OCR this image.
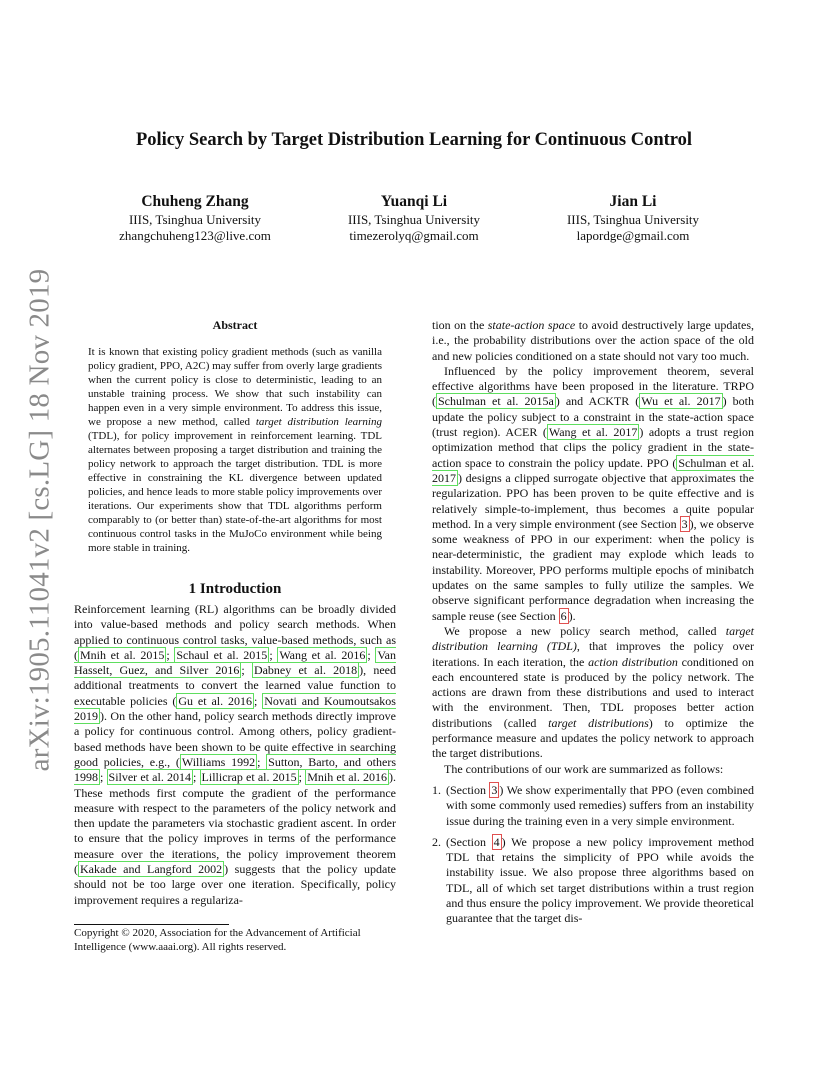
arXiv:1905.11041v2 [cs.LG] 18 Nov 2019
Policy Search by Target Distribution Learning for Continuous Control
Chuheng Zhang
IIIS, Tsinghua University
zhangchuheng123@live.com
Yuanqi Li
IIIS, Tsinghua University
timezerolyq@gmail.com
Jian Li
IIIS, Tsinghua University
lapordge@gmail.com
Abstract
It is known that existing policy gradient methods (such as vanilla policy gradient, PPO, A2C) may suffer from overly large gradients when the current policy is close to deterministic, leading to an unstable training process. We show that such instability can happen even in a very simple environment. To address this issue, we propose a new method, called target distribution learning (TDL), for policy improvement in reinforcement learning. TDL alternates between proposing a target distribution and training the policy network to approach the target distribution. TDL is more effective in constraining the KL divergence between updated policies, and hence leads to more stable policy improvements over iterations. Our experiments show that TDL algorithms perform comparably to (or better than) state-of-the-art algorithms for most continuous control tasks in the MuJoCo environment while being more stable in training.
1 Introduction

Reinforcement learning (RL) algorithms can be broadly divided into value-based methods and policy search methods. When applied to continuous control tasks, value-based methods, such as ( Mnih et al. 2015 ; Schaul et al. 2015 ; Wang et al. 2016 ; Van Hasselt, Guez, and Silver 2016 ; Dabney et al. 2018 ), need additional treatments to convert the learned value function to executable policies ( Gu et al. 2016 ; Novati and Koumoutsakos 2019 ). On the other hand, policy search methods directly improve a policy for continuous control. Among others, policy gradient-based methods have been shown to be quite effective in searching good policies, e.g., ( Williams 1992 ; Sutton, Barto, and others 1998 ; Silver et al. 2014 ; Lillicrap et al. 2015 ; Mnih et al. 2016 ). These methods first compute the gradient of the performance measure with respect to the parameters of the policy network and then update the parameters via stochastic gradient ascent. In order to ensure that the policy improves in terms of the performance measure over the iterations, the policy improvement theorem ( Kakade and Langford 2002 ) suggests that the policy update should not be too large over one iteration. Specifically, policy improvement requires a regulariza-

Copyright © 2020, Association for the Advancement of Artificial Intelligence (www.aaai.org). All rights reserved.

tion on the state-action space to avoid destructively large updates, i.e., the probability distributions over the action space of the old and new policies conditioned on a state should not vary too much.

Influenced by the policy improvement theorem, several effective algorithms have been proposed in the literature. TRPO ( Schulman et al. 2015a ) and ACKTR ( Wu et al. 2017 ) both update the policy subject to a constraint in the state-action space (trust region). ACER ( Wang et al. 2017 ) adopts a trust region optimization method that clips the policy gradient in the state-action space to constrain the policy update. PPO ( Schulman et al. 2017 ) designs a clipped surrogate objective that approximates the regularization. PPO has been proven to be quite effective and is relatively simple-to-implement, thus becomes a quite popular method. In a very simple environment (see Section 3 ), we observe some weakness of PPO in our experiment: when the policy is near-deterministic, the gradient may explode which leads to instability. Moreover, PPO performs multiple epochs of minibatch updates on the same samples to fully utilize the samples. We observe significant performance degradation when increasing the sample reuse (see Section 6 ).

We propose a new policy search method, called target distribution learning (TDL), that improves the policy over iterations. In each iteration, the action distribution conditioned on each encountered state is produced by the policy network. The actions are drawn from these distributions and used to interact with the environment. Then, TDL proposes better action distributions (called target distributions) to optimize the performance measure and updates the policy network to approach the target distributions.

The contributions of our work are summarized as follows:

1. (Section 3 ) We show experimentally that PPO (even combined with some commonly used remedies) suffers from an instability issue during the training even in a very simple environment.
2. (Section 4 ) We propose a new policy improvement method TDL that retains the simplicity of PPO while avoids the instability issue. We also propose three algorithms based on TDL, all of which set target distributions within a trust region and thus ensure the policy improvement. We provide theoretical guarantee that the target dis-
